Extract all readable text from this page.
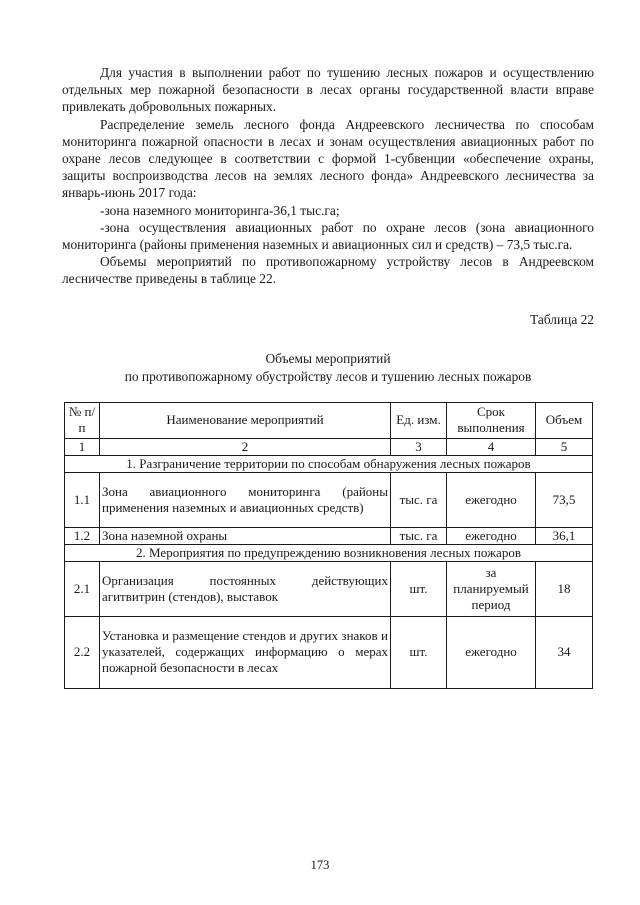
Для участия в выполнении работ по тушению лесных пожаров и осуществлению отдельных мер пожарной безопасности в лесах органы государственной власти вправе привлекать добровольных пожарных.

Распределение земель лесного фонда Андреевского лесничества по способам мониторинга пожарной опасности в лесах и зонам осуществления авиационных работ по охране лесов следующее в соответствии с формой 1-субвенции «обеспечение охраны, защиты воспроизводства лесов на землях лесного фонда» Андреевского лесничества за январь-июнь 2017 года:

-зона наземного мониторинга-36,1 тыс.га;

-зона осуществления авиационных работ по охране лесов (зона авиационного мониторинга (районы применения наземных и авиационных сил и средств) – 73,5 тыс.га.

Объемы мероприятий по противопожарному устройству лесов в Андреевском лесничестве приведены в таблице 22.

Таблица 22
Объемы мероприятий
по противопожарному обустройству лесов и тушению лесных пожаров
№ п/п	Наименование мероприятий	Ед. изм.	Срок выполнения	Объем
1	2	3	4	5
1. Разграничение территории по способам обнаружения лесных пожаров				
1.1	Зона авиационного мониторинга (районы применения наземных и авиационных средств)	тыс. га	ежегодно	73,5
1.2	Зона наземной охраны	тыс. га	ежегодно	36,1
2. Мероприятия по предупреждению возникновения лесных пожаров				
2.1	Организация постоянных действующих агитвитрин (стендов), выставок	шт.	за планируемый период	18
2.2	Установка и размещение стендов и других знаков и указателей, содержащих информацию о мерах пожарной безопасности в лесах	шт.	ежегодно	34
173
